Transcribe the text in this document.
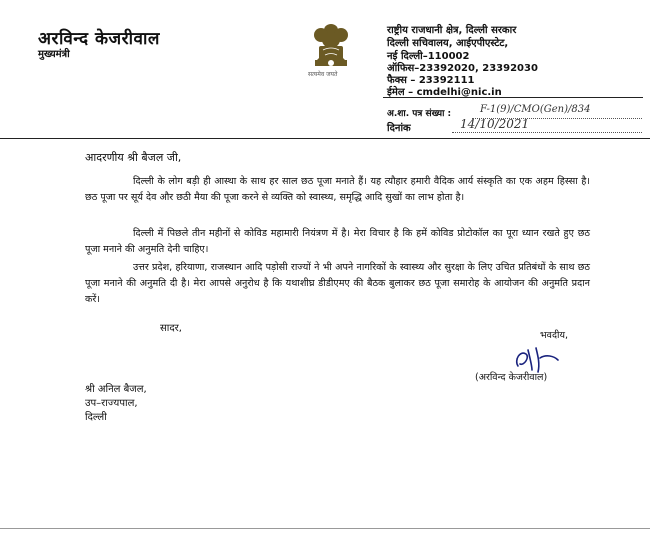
अरविन्द केजरीवाल
मुख्यमंत्री
सत्यमेव जयते
राष्ट्रीय राजधानी क्षेत्र, दिल्ली सरकार
दिल्ली सचिवालय, आईएपीएस्टेट,
नई दिल्ली–110002
ऑफिस–23392020, 23392030
फैक्स – 23392111
ईमेल – cmdelhi@nic.in
अ.शा. पत्र संख्या :	F-1(9)/CMO(Gen)/834
दिनांक	14/10/2021
आदरणीय श्री बैजल जी,
दिल्ली के लोग बड़ी ही आस्था के साथ हर साल छठ पूजा मनाते हैं। यह त्यौहार हमारी वैदिक आर्य संस्कृति का एक अहम हिस्सा है। छठ पूजा पर सूर्य देव और छठी मैया की पूजा करने से व्यक्ति को स्वास्थ्य, समृद्धि आदि सुखों का लाभ होता है।
दिल्ली में पिछले तीन महीनों से कोविड महामारी नियंत्रण में है। मेरा विचार है कि हमें कोविड प्रोटोकॉल का पूरा ध्यान रखते हुए छठ पूजा मनाने की अनुमति देनी चाहिए।
उत्तर प्रदेश, हरियाणा, राजस्थान आदि पड़ोसी राज्यों ने भी अपने नागरिकों के स्वास्थ्य और सुरक्षा के लिए उचित प्रतिबंधों के साथ छठ पूजा मनाने की अनुमति दी है। मेरा आपसे अनुरोध है कि यथाशीघ्र डीडीएमए की बैठक बुलाकर छठ पूजा समारोह के आयोजन की अनुमति प्रदान करें।
सादर,
भवदीय,
(अरविन्द केजरीवाल)
श्री अनिल बैजल,
उप–राज्यपाल,
दिल्ली
